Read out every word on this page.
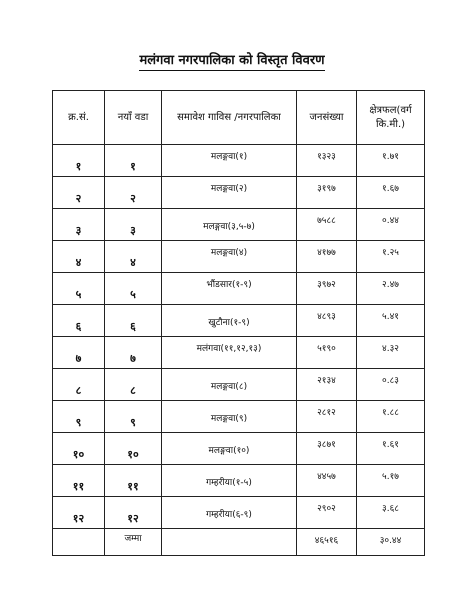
मलंगवा नगरपालिका को विस्तृत विवरण
क्र.सं.	नयाँ वडा	समावेश गाविस /नगरपालिका	जनसंख्या	क्षेत्रफल(वर्ग कि.मी.)

१	१	मलङ्गवा(१)	१३२३	१.७१

२	२	मलङ्गवा(२)	३१९७	१.६७

३	३	मलङ्गवा(३,५-७)	७५८८	०.४४

४	४	मलङ्गवा(४)	४१७७	१.२५

५	५	भौंडसार(१-९)	३९७२	२.४७

६	६	खुटौना(१-९)	४८९३	५.४१

७	७	मलंगवा(११,१२,१३)	५१९०	४.३२

८	८	मलङ्गवा(८)	२१३४	०.८३

९	९	मलङ्गवा(९)	२८१२	१.८८

१०	१०	मलङ्गवा(१०)	३८७१	१.६१

११	११	गम्हरीया(१-५)	४४५७	५.१७

१२	१२	गम्हरीया(६-९)	२९०२	३.६८

	जम्मा		४६५१६	३०.४४
